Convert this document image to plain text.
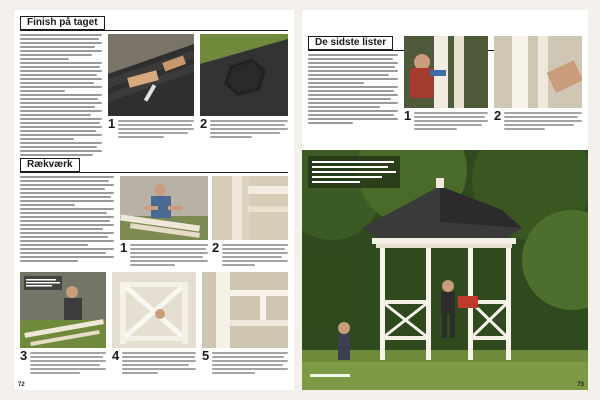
Finish på taget
1	2
Rækværk
1	2
3	4	5
72
De sidste lister
1	2
73
